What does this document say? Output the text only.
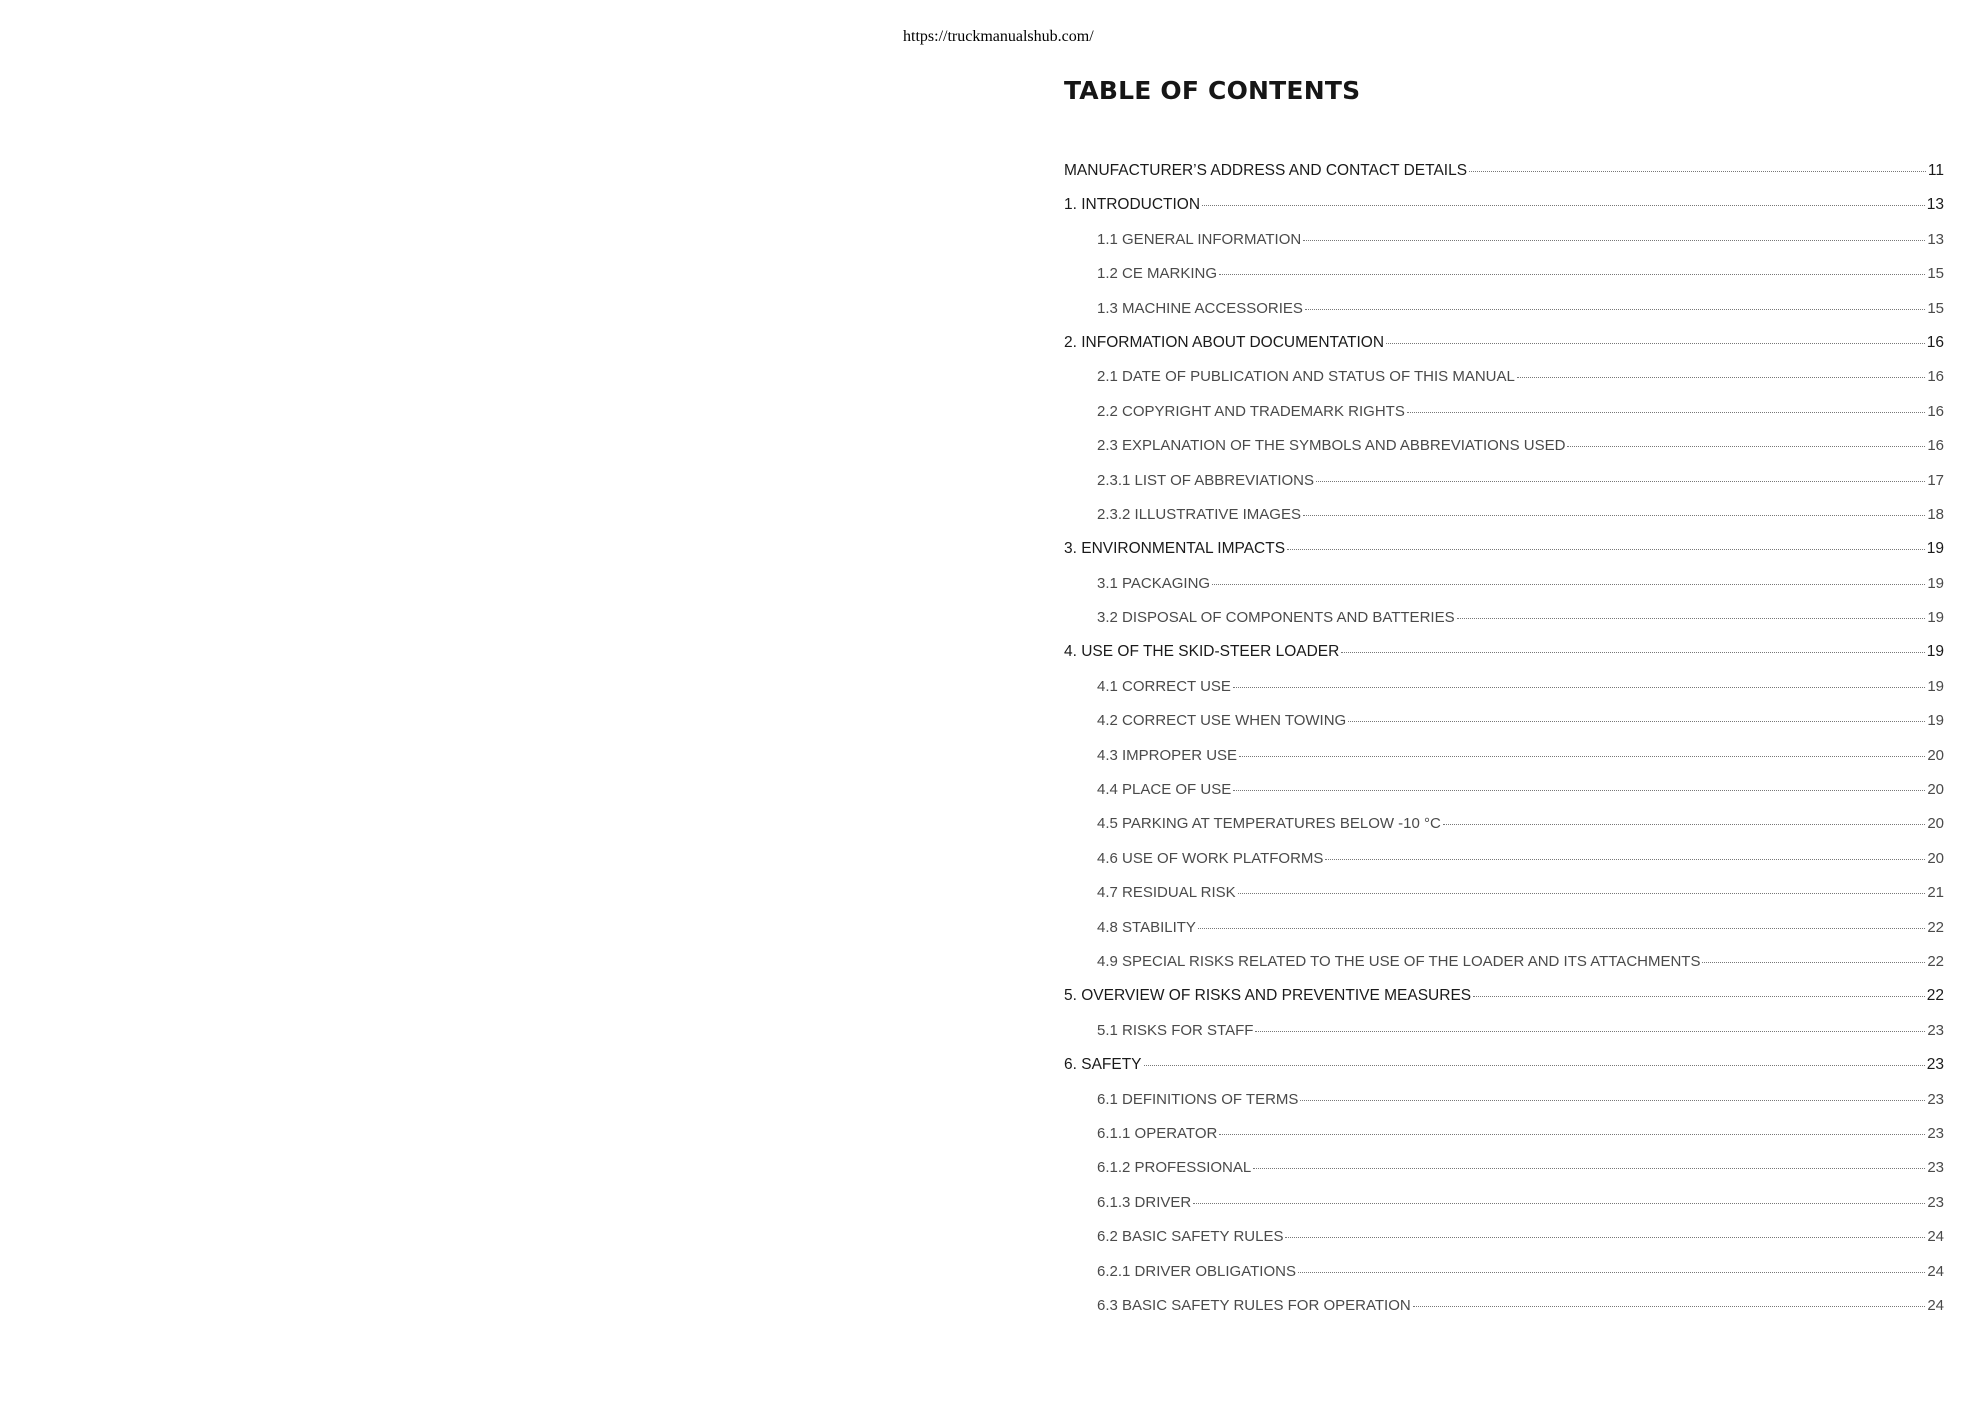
https://truckmanualshub.com/
TABLE OF CONTENTS
MANUFACTURER’S ADDRESS AND CONTACT DETAILS	11
1. INTRODUCTION	13
1.1 GENERAL INFORMATION	13
1.2 CE MARKING	15
1.3 MACHINE ACCESSORIES	15
2. INFORMATION ABOUT DOCUMENTATION	16
2.1 DATE OF PUBLICATION AND STATUS OF THIS MANUAL	16
2.2 COPYRIGHT AND TRADEMARK RIGHTS	16
2.3 EXPLANATION OF THE SYMBOLS AND ABBREVIATIONS USED	16
2.3.1 LIST OF ABBREVIATIONS	17
2.3.2 ILLUSTRATIVE IMAGES	18
3. ENVIRONMENTAL IMPACTS	19
3.1 PACKAGING	19
3.2 DISPOSAL OF COMPONENTS AND BATTERIES	19
4. USE OF THE SKID-STEER LOADER	19
4.1 CORRECT USE	19
4.2 CORRECT USE WHEN TOWING	19
4.3 IMPROPER USE	20
4.4 PLACE OF USE	20
4.5 PARKING AT TEMPERATURES BELOW -10 °C	20
4.6 USE OF WORK PLATFORMS	20
4.7 RESIDUAL RISK	21
4.8 STABILITY	22
4.9 SPECIAL RISKS RELATED TO THE USE OF THE LOADER AND ITS ATTACHMENTS	22
5. OVERVIEW OF RISKS AND PREVENTIVE MEASURES	22
5.1 RISKS FOR STAFF	23
6. SAFETY	23
6.1 DEFINITIONS OF TERMS	23
6.1.1 OPERATOR	23
6.1.2 PROFESSIONAL	23
6.1.3 DRIVER	23
6.2 BASIC SAFETY RULES	24
6.2.1 DRIVER OBLIGATIONS	24
6.3 BASIC SAFETY RULES FOR OPERATION	24
